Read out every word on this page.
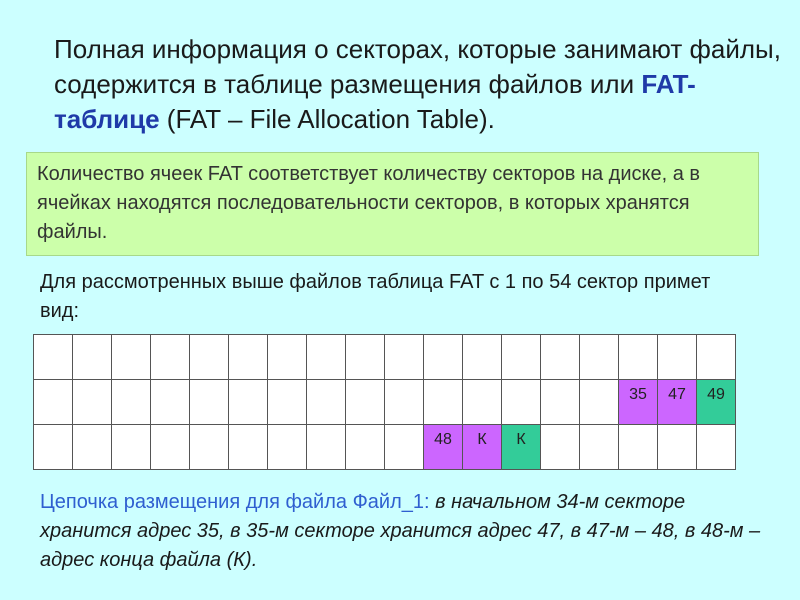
Полная информация о секторах, которые занимают файлы, содержится в таблице размещения файлов или FAT-таблице (FAT – File Allocation Table).

Количество ячеек FAT соответствует количеству секторов на диске, а в ячейках находятся последовательности секторов, в которых хранятся файлы.

Для рассмотренных выше файлов таблица FAT с 1 по 54 сектор примет вид:

															35	47	49

										48	К	К					

Цепочка размещения для файла Файл_1: в начальном 34-м секторе хранится адрес 35, в 35-м секторе хранится адрес 47, в 47-м – 48, в 48-м – адрес конца файла (К).
